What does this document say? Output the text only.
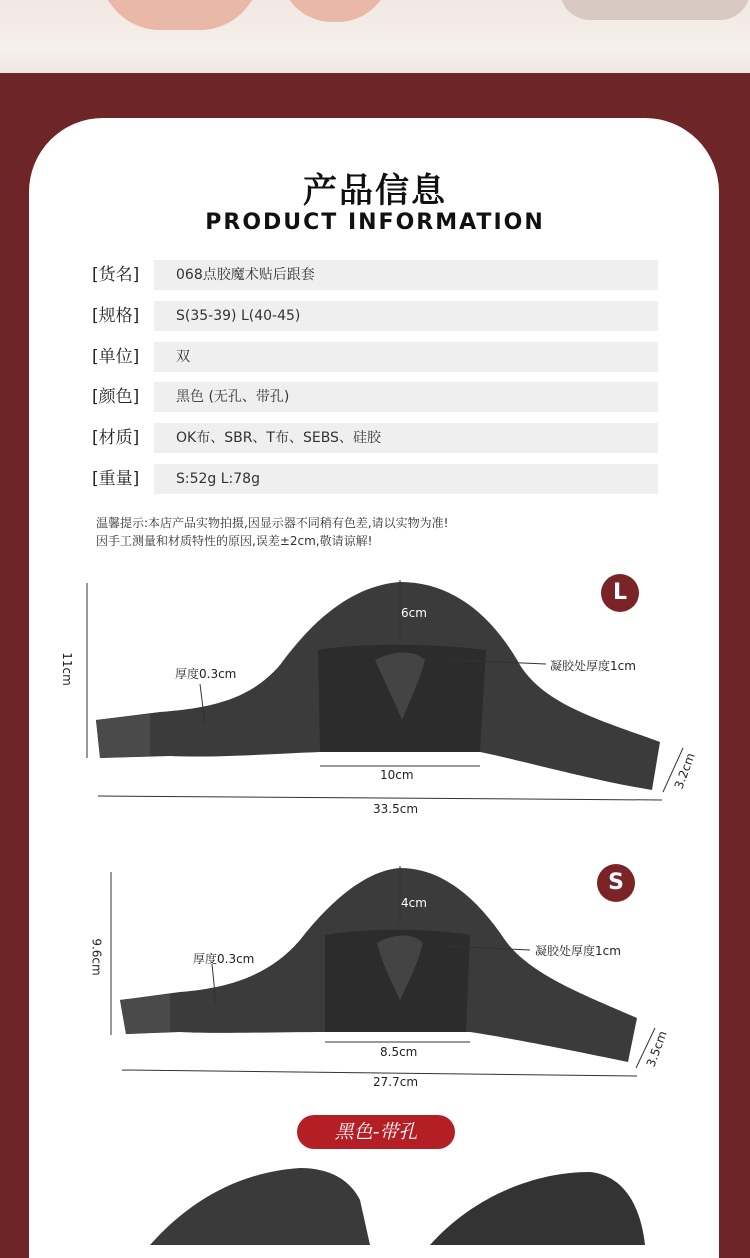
产品信息
PRODUCT INFORMATION
[货名]	068点胶魔术贴后跟套
[规格]	S(35-39) L(40-45)
[单位]	双
[颜色]	黑色 (无孔、带孔)
[材质]	OK布、SBR、T布、SEBS、硅胶
[重量]	S:52g L:78g
温馨提示:本店产品实物拍摄,因显示器不同稍有色差,请以实物为准!
因手工测量和材质特性的原因,误差±2cm,敬请谅解!
L
11cm
6cm
厚度0.3cm
凝胶处厚度1cm
10cm
33.5cm
3.2cm
S
9.6cm
4cm
厚度0.3cm
凝胶处厚度1cm
8.5cm
27.7cm
3.5cm
黑色-带孔
